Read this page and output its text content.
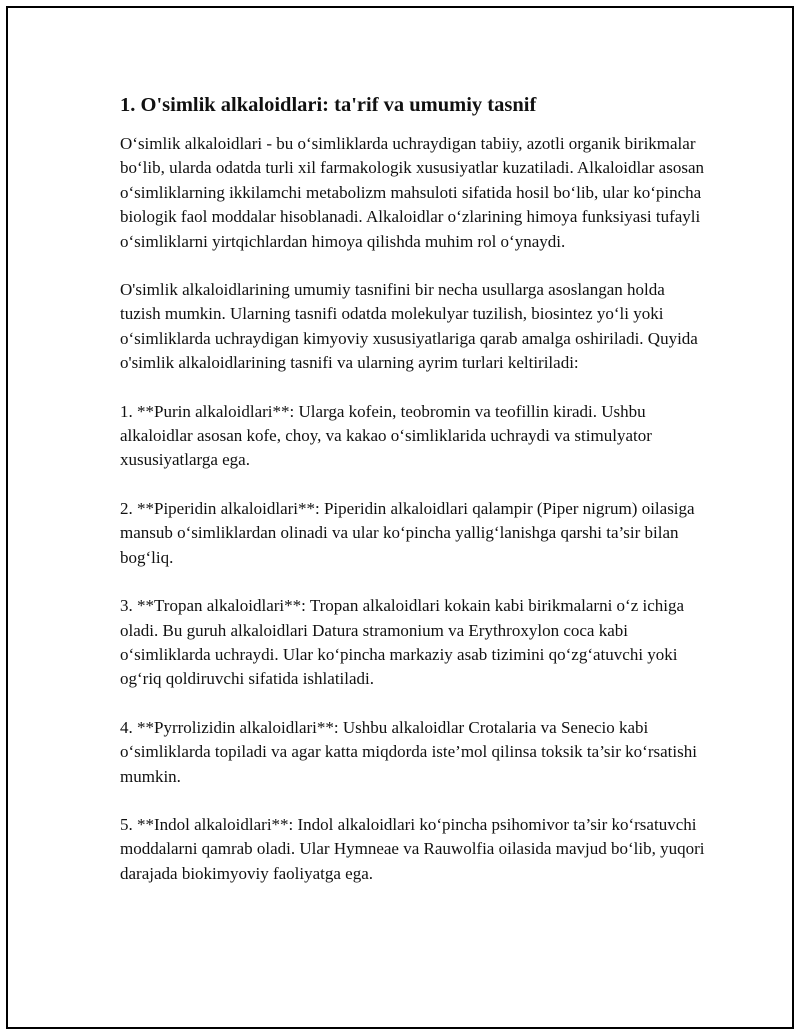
1. O'simlik alkaloidlari: ta'rif va umumiy tasnif

O‘simlik alkaloidlari - bu o‘simliklarda uchraydigan tabiiy, azotli organik birikmalar bo‘lib, ularda odatda turli xil farmakologik xususiyatlar kuzatiladi. Alkaloidlar asosan o‘simliklarning ikkilamchi metabolizm mahsuloti sifatida hosil bo‘lib, ular ko‘pincha biologik faol moddalar hisoblanadi. Alkaloidlar o‘zlarining himoya funksiyasi tufayli o‘simliklarni yirtqichlardan himoya qilishda muhim rol o‘ynaydi.

O'simlik alkaloidlarining umumiy tasnifini bir necha usullarga asoslangan holda tuzish mumkin. Ularning tasnifi odatda molekulyar tuzilish, biosintez yo‘li yoki o‘simliklarda uchraydigan kimyoviy xususiyatlariga qarab amalga oshiriladi. Quyida o'simlik alkaloidlarining tasnifi va ularning ayrim turlari keltiriladi:

1. **Purin alkaloidlari**: Ularga kofein, teobromin va teofillin kiradi. Ushbu alkaloidlar asosan kofe, choy, va kakao o‘simliklarida uchraydi va stimulyator xususiyatlarga ega.

2. **Piperidin alkaloidlari**: Piperidin alkaloidlari qalampir (Piper nigrum) oilasiga mansub o‘simliklardan olinadi va ular ko‘pincha yallig‘lanishga qarshi ta’sir bilan bog‘liq.

3. **Tropan alkaloidlari**: Tropan alkaloidlari kokain kabi birikmalarni o‘z ichiga oladi. Bu guruh alkaloidlari Datura stramonium va Erythroxylon coca kabi o‘simliklarda uchraydi. Ular ko‘pincha markaziy asab tizimini qo‘zg‘atuvchi yoki og‘riq qoldiruvchi sifatida ishlatiladi.

4. **Pyrrolizidin alkaloidlari**: Ushbu alkaloidlar Crotalaria va Senecio kabi o‘simliklarda topiladi va agar katta miqdorda iste’mol qilinsa toksik ta’sir ko‘rsatishi mumkin.

5. **Indol alkaloidlari**: Indol alkaloidlari ko‘pincha psihomivor ta’sir ko‘rsatuvchi moddalarni qamrab oladi. Ular Hymneae va Rauwolfia oilasida mavjud bo‘lib, yuqori darajada biokimyoviy faoliyatga ega.
